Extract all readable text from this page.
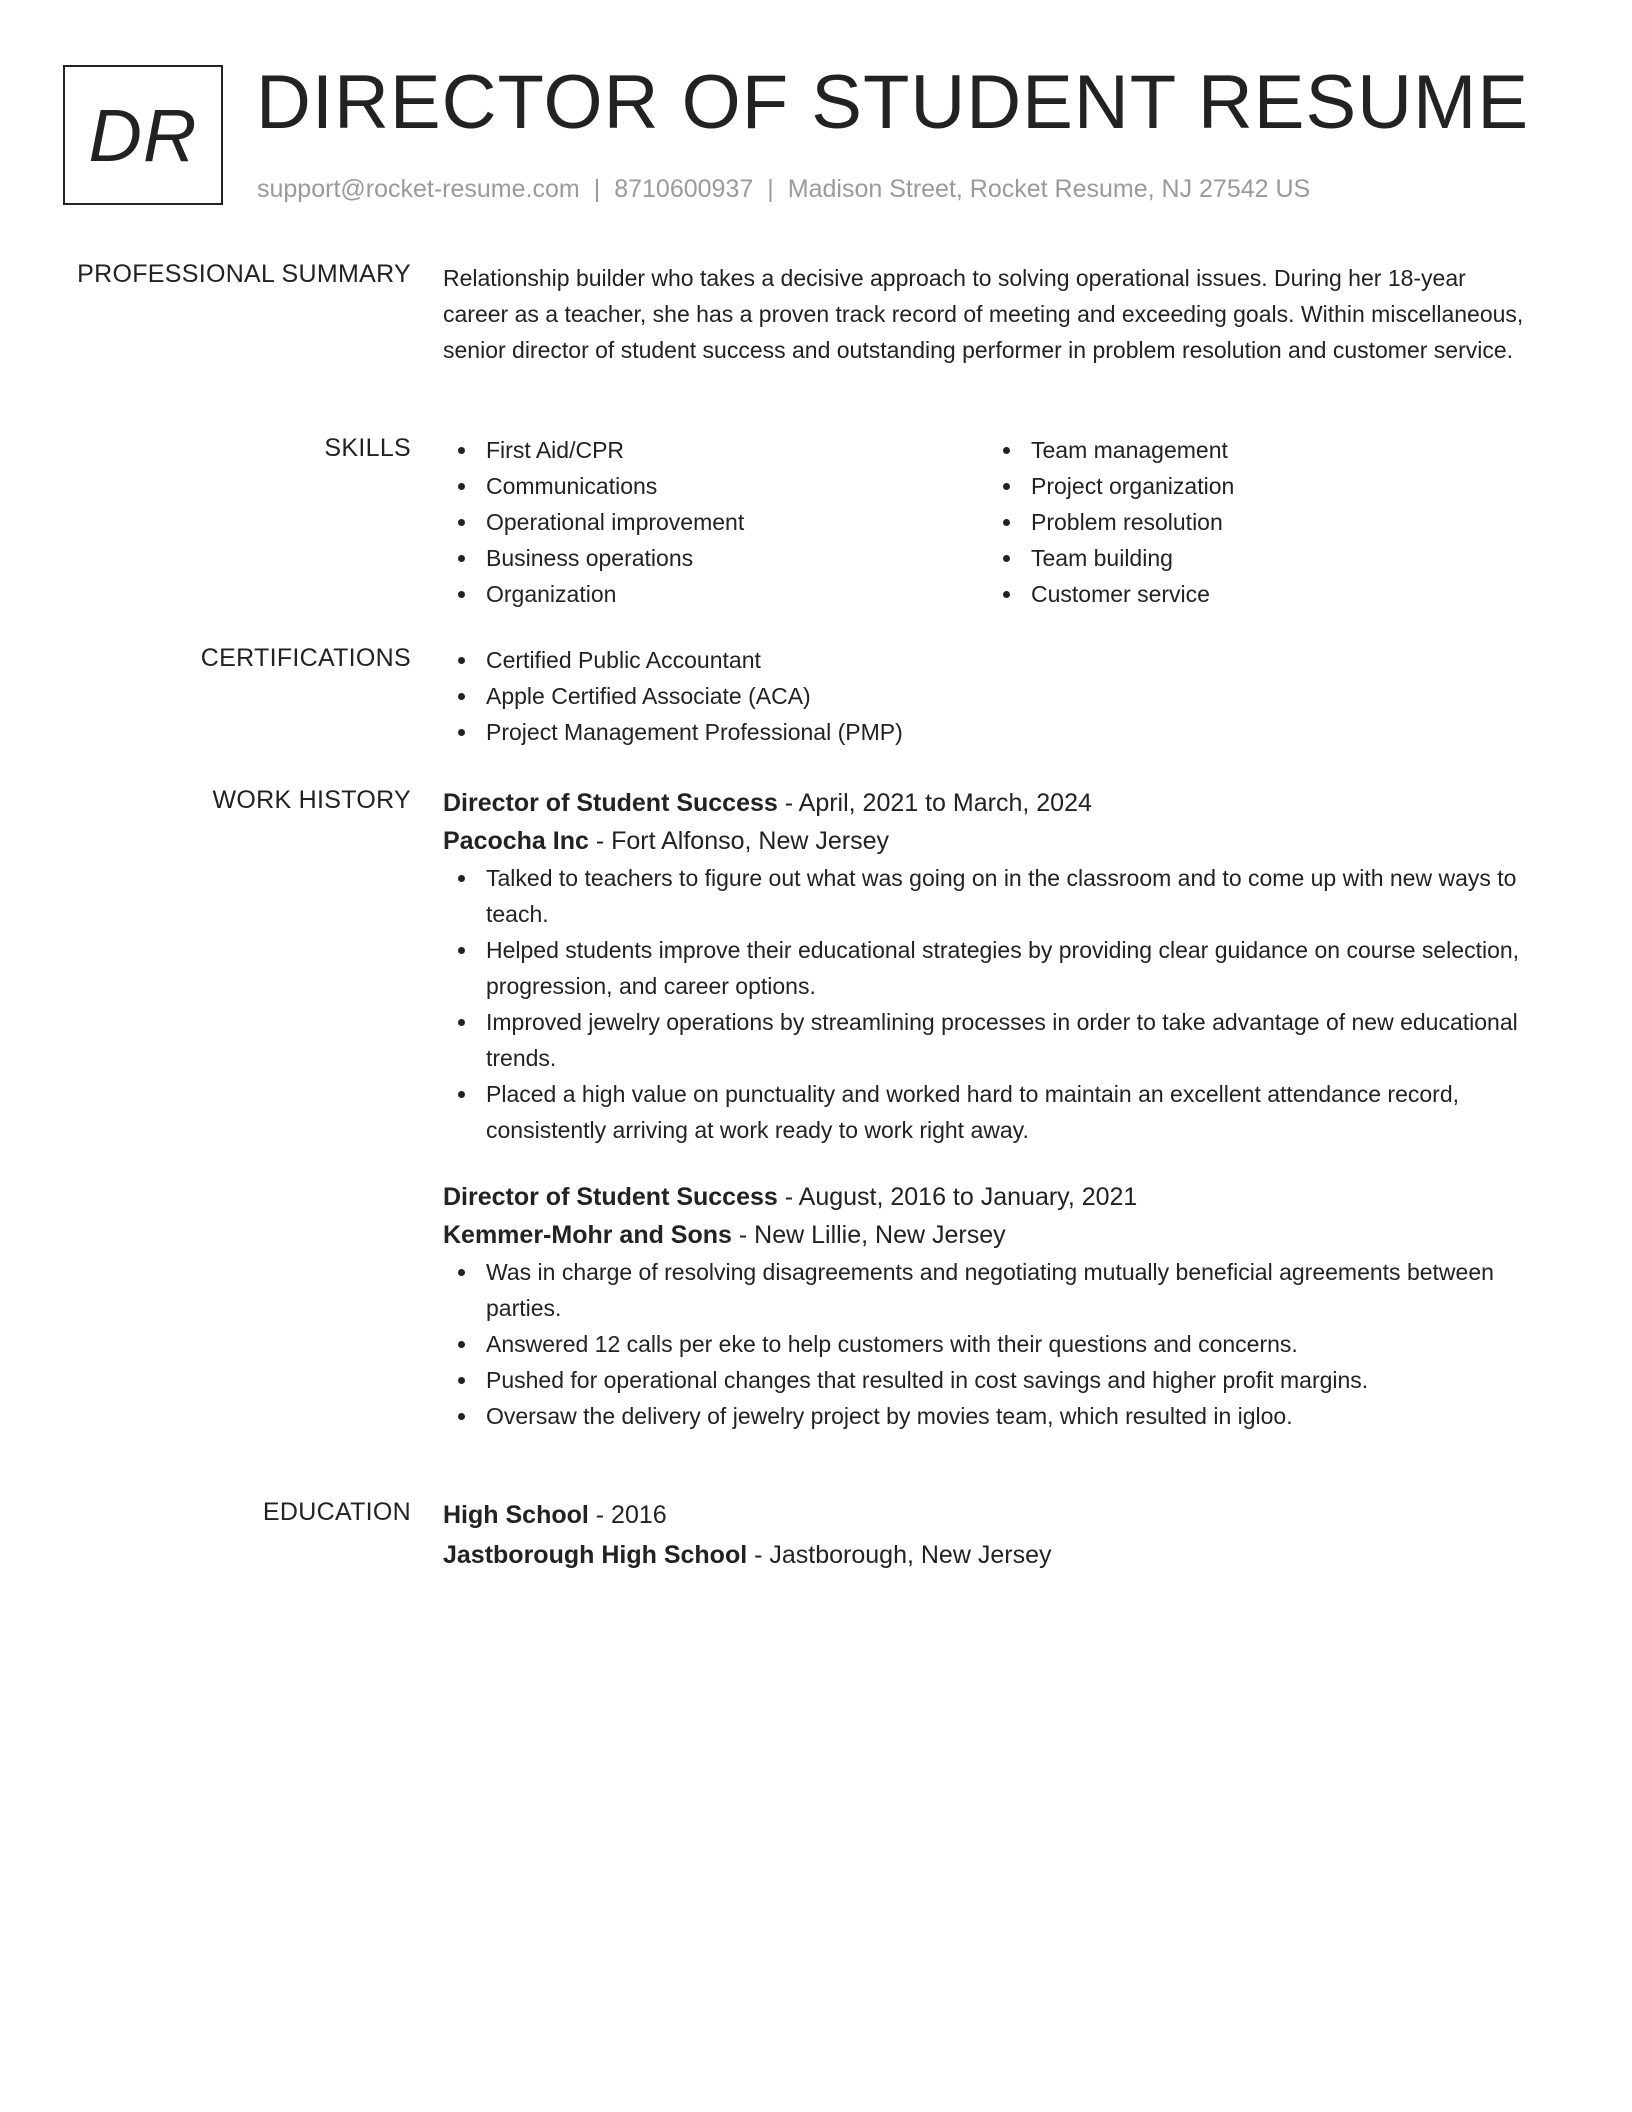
DR DIRECTOR OF STUDENT RESUME
support@rocket-resume.com | 8710600937 | Madison Street, Rocket Resume, NJ 27542 US
PROFESSIONAL SUMMARY Relationship builder who takes a decisive approach to solving operational issues. During her 18-year career as a teacher, she has a proven track record of meeting and exceeding goals. Within miscellaneous, senior director of student success and outstanding performer in problem resolution and customer service.

SKILLS	First Aid/CPR
Communications
Operational improvement
Business operations
Organization
Team management
Project organization
Problem resolution
Team building
Customer service
CERTIFICATIONS	Certified Public Accountant
Apple Certified Associate (ACA)
Project Management Professional (PMP)
WORK HISTORY Director of Student Success - April, 2021 to March, 2024
Pacocha Inc - Fort Alfonso, New Jersey
Talked to teachers to figure out what was going on in the classroom and to come up with new ways to teach.
Helped students improve their educational strategies by providing clear guidance on course selection, progression, and career options.
Improved jewelry operations by streamlining processes in order to take advantage of new educational trends.
Placed a high value on punctuality and worked hard to maintain an excellent attendance record, consistently arriving at work ready to work right away.
Director of Student Success - August, 2016 to January, 2021
Kemmer-Mohr and Sons - New Lillie, New Jersey
Was in charge of resolving disagreements and negotiating mutually beneficial agreements between parties.
Answered 12 calls per eke to help customers with their questions and concerns.
Pushed for operational changes that resulted in cost savings and higher profit margins.
Oversaw the delivery of jewelry project by movies team, which resulted in igloo.
EDUCATION High School - 2016
Jastborough High School - Jastborough, New Jersey
